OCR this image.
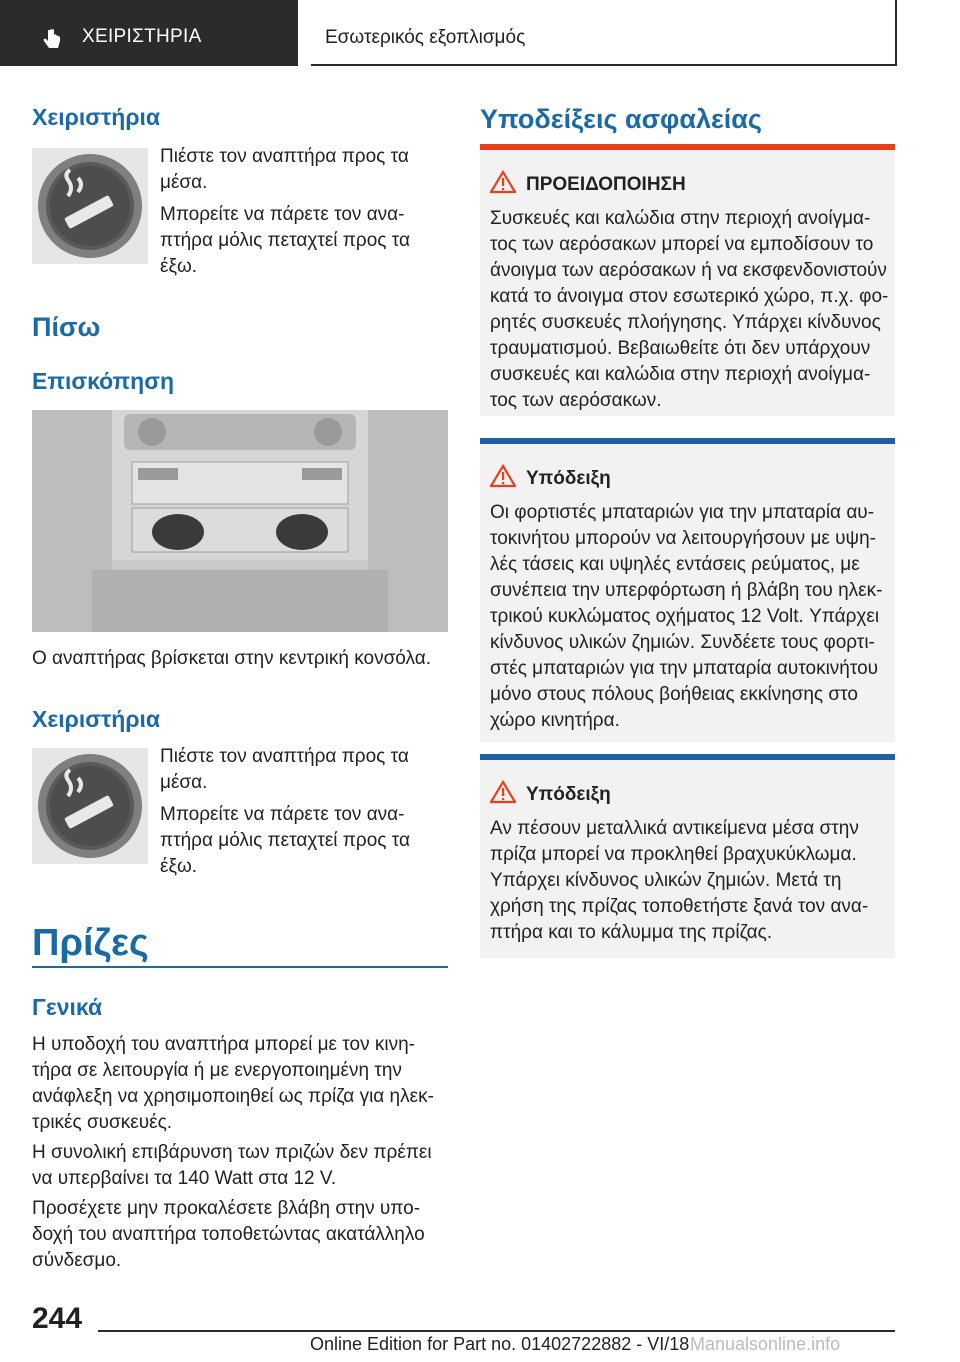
ΧΕΙΡΙΣΤΗΡΙΑ	Εσωτερικός εξοπλισμός
Χειριστήρια

Πιέστε τον αναπτήρα προς τα μέσα.

Μπορείτε να πάρετε τον ανα-πτήρα μόλις πεταχτεί προς τα έξω.

Πίσω
Επισκόπηση

Ο αναπτήρας βρίσκεται στην κεντρική κονσόλα.

Χειριστήρια

Πιέστε τον αναπτήρα προς τα μέσα.

Μπορείτε να πάρετε τον ανα-πτήρα μόλις πεταχτεί προς τα έξω.

Πρίζες
Γενικά

Η υποδοχή του αναπτήρα μπορεί με τον κινη-τήρα σε λειτουργία ή με ενεργοποιημένη την ανάφλεξη να χρησιμοποιηθεί ως πρίζα για ηλεκ-τρικές συσκευές.

Η συνολική επιβάρυνση των πριζών δεν πρέπει να υπερβαίνει τα 140 Watt στα 12 V.

Προσέχετε μην προκαλέσετε βλάβη στην υπο-δοχή του αναπτήρα τοποθετώντας ακατάλληλο σύνδεσμο.

Υποδείξεις ασφαλείας
ΠΡΟΕΙΔΟΠΟΙΗΣΗ

Συσκευές και καλώδια στην περιοχή ανοίγμα-τος των αερόσακων μπορεί να εμποδίσουν το άνοιγμα των αερόσακων ή να εκσφενδονιστούν κατά το άνοιγμα στον εσωτερικό χώρο, π.χ. φο-ρητές συσκευές πλοήγησης. Υπάρχει κίνδυνος τραυματισμού. Βεβαιωθείτε ότι δεν υπάρχουν συσκευές και καλώδια στην περιοχή ανοίγμα-τος των αερόσακων.

Υπόδειξη

Οι φορτιστές μπαταριών για την μπαταρία αυ-τοκινήτου μπορούν να λειτουργήσουν με υψη-λές τάσεις και υψηλές εντάσεις ρεύματος, με συνέπεια την υπερφόρτωση ή βλάβη του ηλεκ-τρικού κυκλώματος οχήματος 12 Volt. Υπάρχει κίνδυνος υλικών ζημιών. Συνδέετε τους φορτι-στές μπαταριών για την μπαταρία αυτοκινήτου μόνο στους πόλους βοήθειας εκκίνησης στο χώρο κινητήρα.

Υπόδειξη

Αν πέσουν μεταλλικά αντικείμενα μέσα στην πρίζα μπορεί να προκληθεί βραχυκύκλωμα. Υπάρχει κίνδυνος υλικών ζημιών. Μετά τη χρήση της πρίζας τοποθετήστε ξανά τον ανα-πτήρα και το κάλυμμα της πρίζας.

244
Online Edition for Part no. 01402722882 - VI/18 Manualsonline.info
